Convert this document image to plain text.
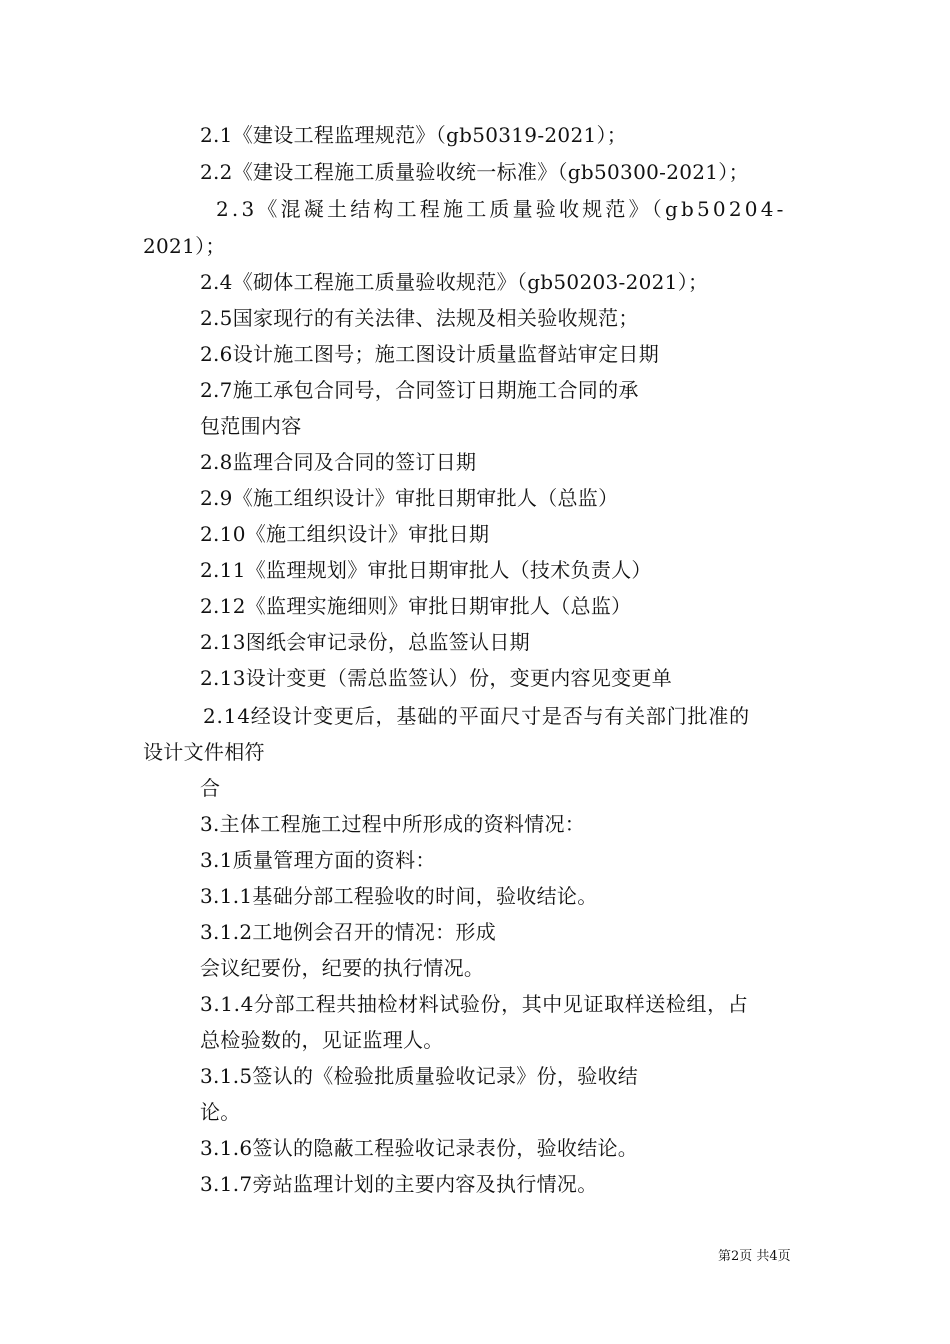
2.1《建设工程监理规范》（gb50319-2021）；
2.2《建设工程施工质量验收统一标准》（gb50300-2021）；
2.3《混凝土结构工程施工质量验收规范》（gb50204-
2021）；
2.4《砌体工程施工质量验收规范》（gb50203-2021）；
2.5国家现行的有关法律、法规及相关验收规范；
2.6设计施工图号；施工图设计质量监督站审定日期
2.7施工承包合同号，合同签订日期施工合同的承
包范围内容
2.8监理合同及合同的签订日期
2.9《施工组织设计》审批日期审批人（总监）
2.10《施工组织设计》审批日期
2.11《监理规划》审批日期审批人（技术负责人）
2.12《监理实施细则》审批日期审批人（总监）
2.13图纸会审记录份，总监签认日期
2.13设计变更（需总监签认）份，变更内容见变更单
2.14经设计变更后，基础的平面尺寸是否与有关部门批准的
设计文件相符
合
3.主体工程施工过程中所形成的资料情况：
3.1质量管理方面的资料：
3.1.1基础分部工程验收的时间，验收结论。
3.1.2工地例会召开的情况：形成
会议纪要份，纪要的执行情况。
3.1.4分部工程共抽检材料试验份，其中见证取样送检组，占
总检验数的，见证监理人。
3.1.5签认的《检验批质量验收记录》份，验收结
论。
3.1.6签认的隐蔽工程验收记录表份，验收结论。
3.1.7旁站监理计划的主要内容及执行情况。
第2页 共4页
